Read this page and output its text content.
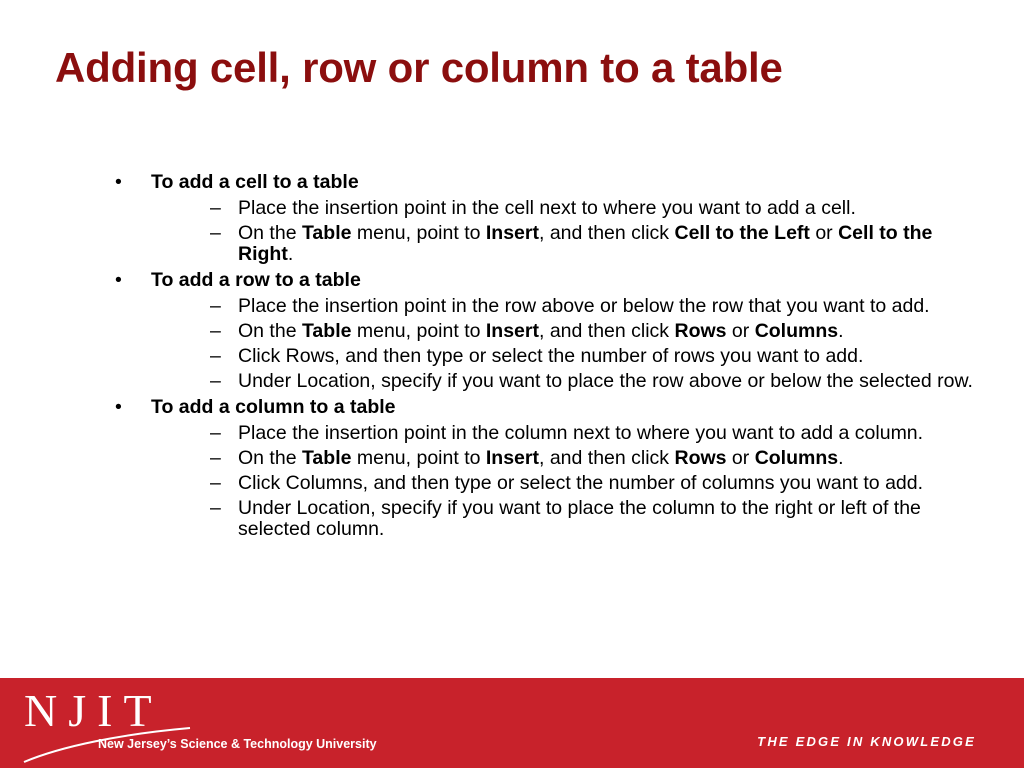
Adding cell, row or column to a table
• To add a cell to a table
– Place the insertion point in the cell next to where you want to add a cell.
– On the Table menu, point to Insert, and then click Cell to the Left or Cell to the Right.
• To add a row to a table
– Place the insertion point in the row above or below the row that you want to add.
– On the Table menu, point to Insert, and then click Rows or Columns.
– Click Rows, and then type or select the number of rows you want to add.
– Under Location, specify if you want to place the row above or below the selected row.
• To add a column to a table
– Place the insertion point in the column next to where you want to add a column.
– On the Table menu, point to Insert, and then click Rows or Columns.
– Click Columns, and then type or select the number of columns you want to add.
– Under Location, specify if you want to place the column to the right or left of the selected column.
NJIT
New Jersey’s Science & Technology University	THE EDGE IN KNOWLEDGE
